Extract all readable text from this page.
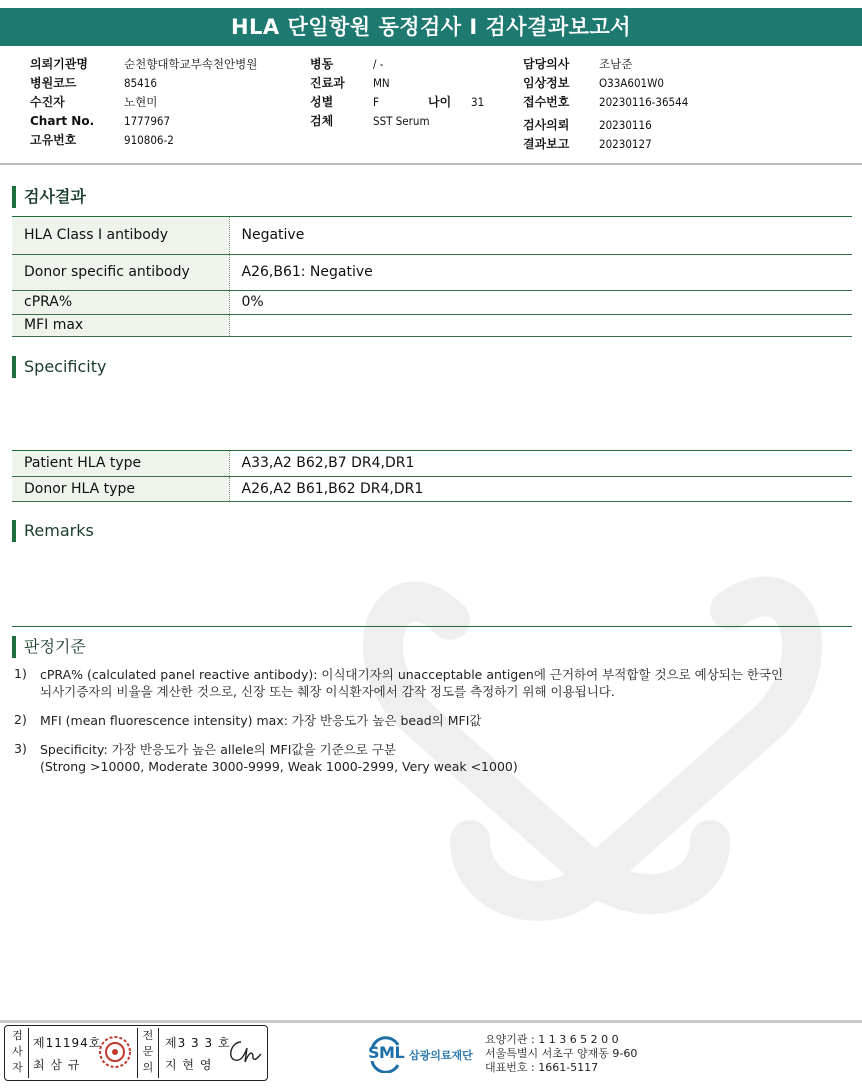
HLA 단일항원 동정검사 I 검사결과보고서
의뢰기관명	순천향대학교부속천안병원
병원코드	85416
수진자	노현미
Chart No.	1777967
고유번호	910806-2
병동	/ -
진료과 MN
성별	F	나이 31
검체	SST Serum
담당의사	조남준
임상정보	O33A601W0
접수번호	20230116-36544
검사의뢰	20230116
결과보고	20230127
검사결과
HLA Class I antibody	Negative
Donor specific antibody	A26,B61: Negative
cPRA%	0%
MFI max	
Specificity
Patient HLA type	A33,A2 B62,B7 DR4,DR1
Donor HLA type	A26,A2 B61,B62 DR4,DR1
Remarks
판정기준
1) cPRA% (calculated panel reactive antibody): 이식대기자의 unacceptable antigen에 근거하여 부적합할 것으로 예상되는 한국인
뇌사기증자의 비율을 계산한 것으로, 신장 또는 췌장 이식환자에서 감작 정도를 측정하기 위해 이용됩니다.
2) MFI (mean fluorescence intensity) max: 가장 반응도가 높은 bead의 MFI값
3) Specificity: 가장 반응도가 높은 allele의 MFI값을 기준으로 구분
(Strong >10000, Moderate 3000-9999, Weak 1000-2999, Very weak <1000)
검사자
제11194호
최 삼 규
전문의
제3 3 3 호
지 현 영
SML 삼광의료재단
요양기관 : 1 1 3 6 5 2 0 0
서울특별시 서초구 양재동 9-60
대표번호 : 1661-5117
